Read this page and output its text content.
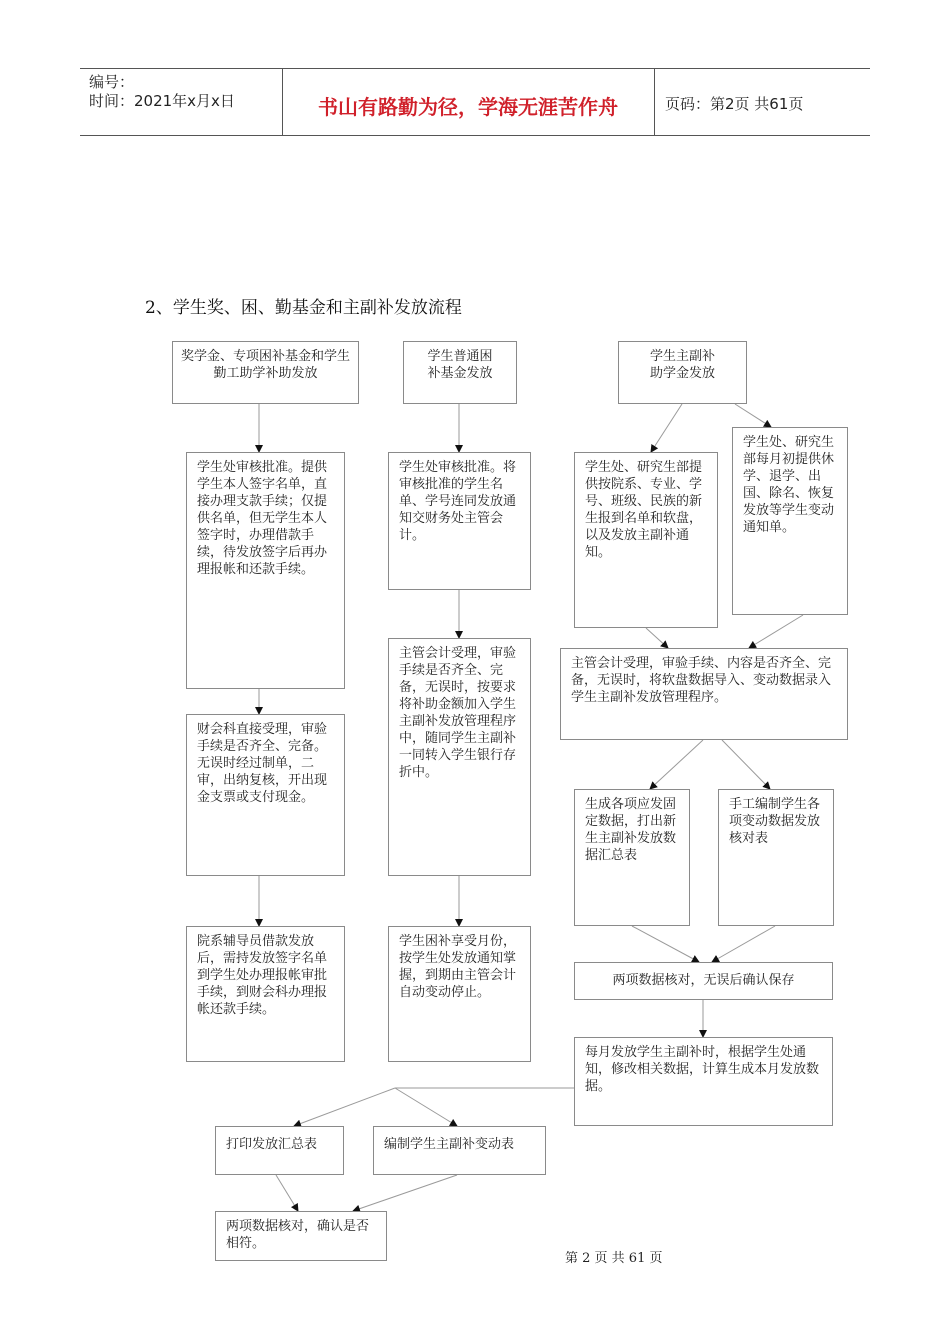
编号：
时间：2021年x月x日	书山有路勤为径，学海无涯苦作舟	页码：第2页 共61页
2、学生奖、困、勤基金和主副补发放流程
奖学金、专项困补基金和学生勤工助学补助发放
学生处审核批准。提供学生本人签字名单，直接办理支款手续；仅提供名单，但无学生本人签字时，办理借款手续，待发放签字后再办理报帐和还款手续。
财会科直接受理，审验手续是否齐全、完备。无误时经过制单，二审，出纳复核，开出现金支票或支付现金。
院系辅导员借款发放后，需持发放签字名单到学生处办理报帐审批手续，到财会科办理报帐还款手续。
学生普通困补基金发放
学生处审核批准。将审核批准的学生名单、学号连同发放通知交财务处主管会计。
主管会计受理，审验手续是否齐全、完备，无误时，按要求将补助金额加入学生主副补发放管理程序中，随同学生主副补一同转入学生银行存折中。
学生困补享受月份，按学生处发放通知掌握，到期由主管会计自动变动停止。
学生主副补助学金发放
学生处、研究生部提供按院系、专业、学号、班级、民族的新生报到名单和软盘，以及发放主副补通知。
学生处、研究生部每月初提供休学、退学、出国、除名、恢复发放等学生变动通知单。
主管会计受理，审验手续、内容是否齐全、完备，无误时，将软盘数据导入、变动数据录入学生主副补发放管理程序。
生成各项应发固定数据，打出新生主副补发放数据汇总表
手工编制学生各项变动数据发放核对表
两项数据核对，无误后确认保存
每月发放学生主副补时，根据学生处通知，修改相关数据，计算生成本月发放数据。
打印发放汇总表	编制学生主副补变动表
两项数据核对，确认是否相符。
第 2 页 共 61 页
